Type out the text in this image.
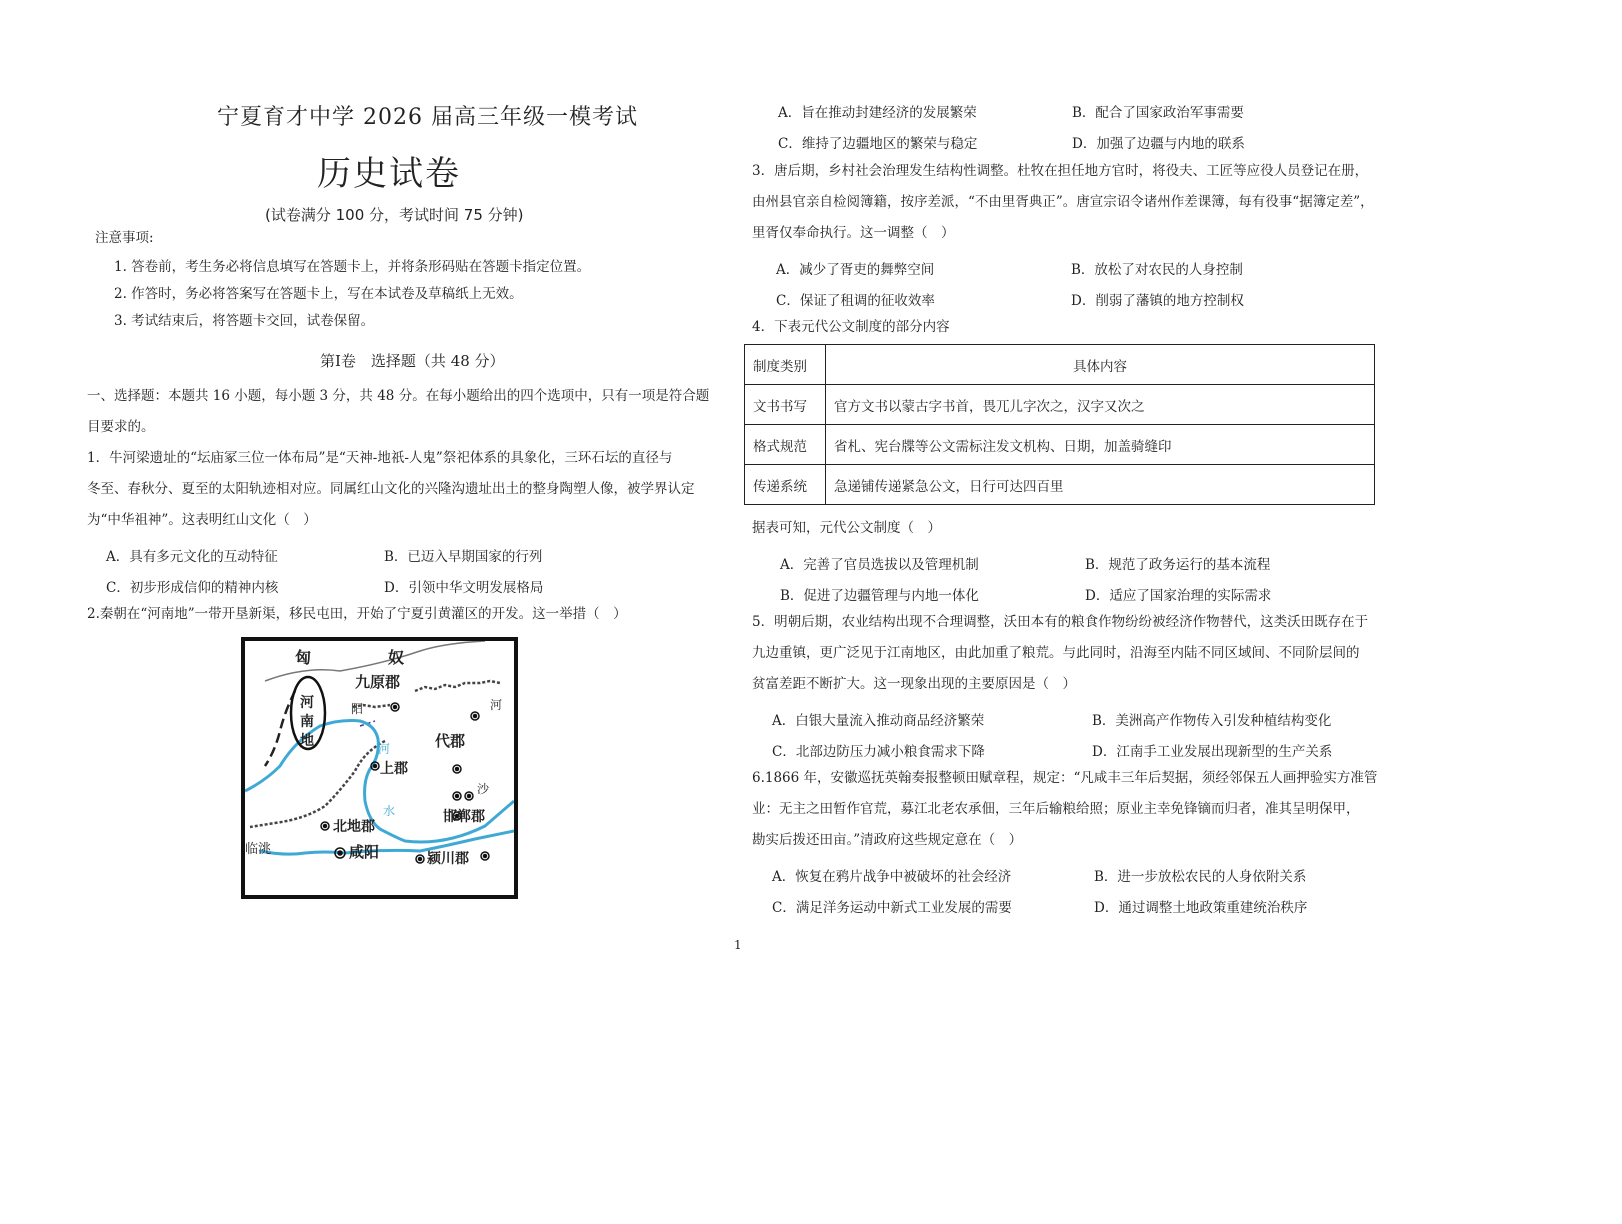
宁夏育才中学 2026 届高三年级一模考试
历史试卷
(试卷满分 100 分，考试时间 75 分钟)
注意事项:
1. 答卷前，考生务必将信息填写在答题卡上，并将条形码贴在答题卡指定位置。
2. 作答时，务必将答案写在答题卡上，写在本试卷及草稿纸上无效。
3. 考试结束后，将答题卡交回，试卷保留。
第Ⅰ卷　选择题（共 48 分）
一、选择题：本题共 16 小题，每小题 3 分，共 48 分。在每小题给出的四个选项中，只有一项是符合题
目要求的。
1．牛河梁遗址的“坛庙冢三位一体布局”是“天神-地祇-人鬼”祭祀体系的具象化，三环石坛的直径与
冬至、春秋分、夏至的太阳轨迹相对应。同属红山文化的兴隆沟遗址出土的整身陶塑人像，被学界认定
为“中华祖神”。这表明红山文化（　）
A．具有多元文化的互动特征	B．已迈入早期国家的行列
C．初步形成信仰的精神内核	D．引领中华文明发展格局
2.秦朝在“河南地”一带开垦新渠，移民屯田，开始了宁夏引黄灌区的开发。这一举措（　）
匈	奴
九原郡
河
南
地
阳
河	代郡
上郡
水
沙
邯郸郡
北地郡
咸阳	颍川郡
临洮
河
A．旨在推动封建经济的发展繁荣	B．配合了国家政治军事需要
C．维持了边疆地区的繁荣与稳定	D．加强了边疆与内地的联系
3．唐后期，乡村社会治理发生结构性调整。杜牧在担任地方官时，将役夫、工匠等应役人员登记在册，
由州县官亲自检阅簿籍，按序差派，“不由里胥典正”。唐宣宗诏令诸州作差课簿，每有役事“据簿定差”，
里胥仅奉命执行。这一调整（　）
A．减少了胥吏的舞弊空间	B．放松了对农民的人身控制
C．保证了租调的征收效率	D．削弱了藩镇的地方控制权
4．下表元代公文制度的部分内容
制度类别	具体内容
文书书写	官方文书以蒙古字书首，畏兀儿字次之，汉字又次之
格式规范	省札、宪台牒等公文需标注发文机构、日期，加盖骑缝印
传递系统	急递铺传递紧急公文，日行可达四百里
据表可知，元代公文制度（　）
A．完善了官员选拔以及管理机制	B．规范了政务运行的基本流程
B．促进了边疆管理与内地一体化	D．适应了国家治理的实际需求
5．明朝后期，农业结构出现不合理调整，沃田本有的粮食作物纷纷被经济作物替代，这类沃田既存在于
九边重镇，更广泛见于江南地区，由此加重了粮荒。与此同时，沿海至内陆不同区域间、不同阶层间的
贫富差距不断扩大。这一现象出现的主要原因是（　）
A．白银大量流入推动商品经济繁荣	B．美洲高产作物传入引发种植结构变化
C．北部边防压力减小粮食需求下降	D．江南手工业发展出现新型的生产关系
6.1866 年，安徽巡抚英翰奏报整顿田赋章程，规定：“凡咸丰三年后契据，须经邻保五人画押验实方准管
业：无主之田暂作官荒，募江北老农承佃，三年后输粮给照；原业主幸免锋镝而归者，准其呈明保甲，
勘实后拨还田亩。”清政府这些规定意在（　）
A．恢复在鸦片战争中被破坏的社会经济	B．进一步放松农民的人身依附关系
C．满足洋务运动中新式工业发展的需要	D．通过调整土地政策重建统治秩序
1
